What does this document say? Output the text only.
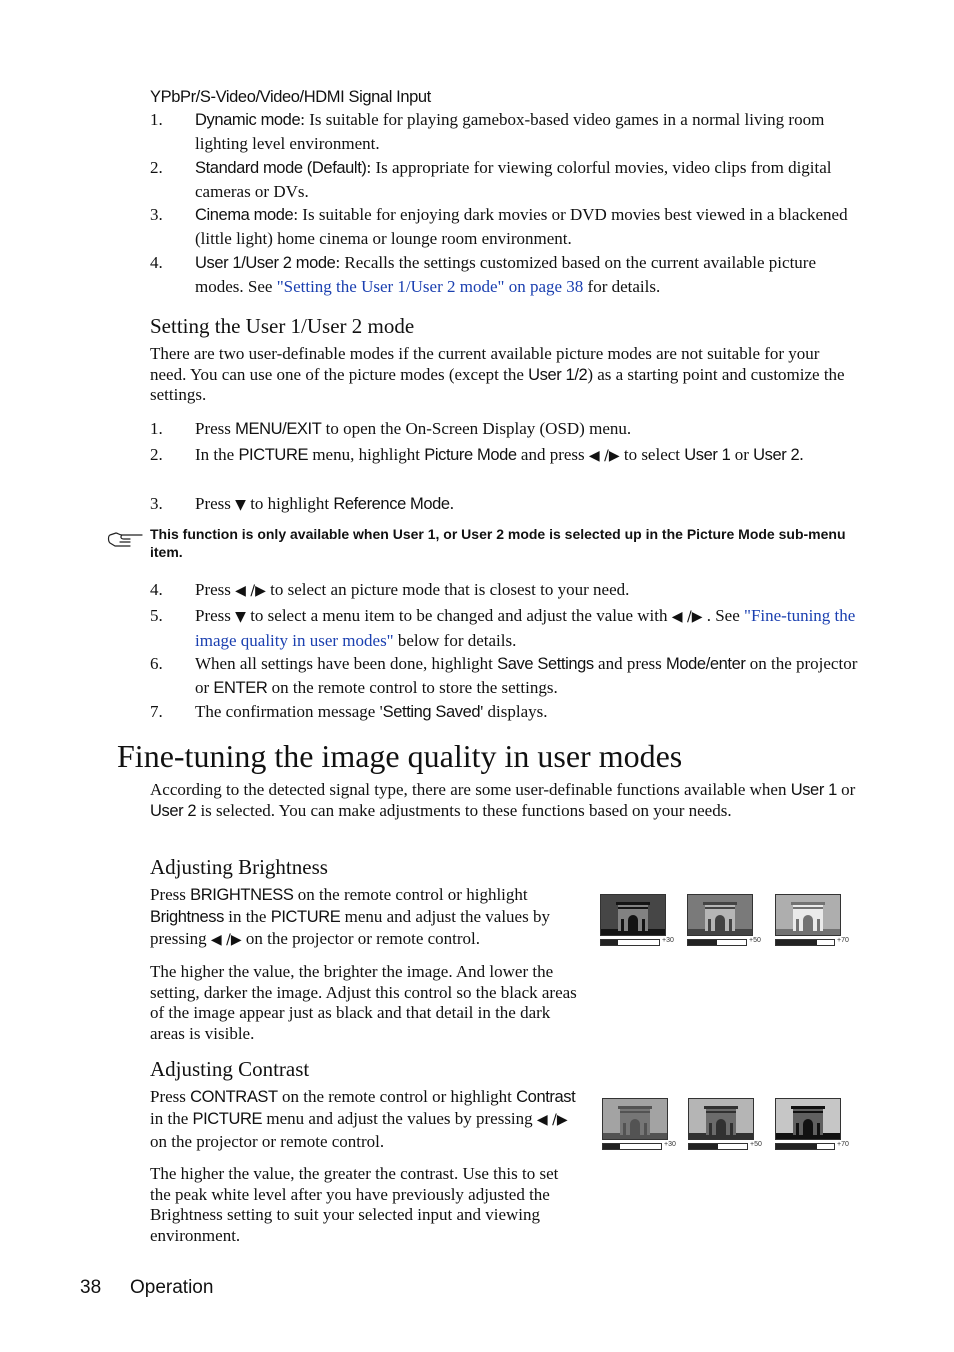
YPbPr/S-Video/Video/HDMI Signal Input
1. Dynamic mode: Is suitable for playing gamebox-based video games in a normal living room lighting level environment.
2. Standard mode (Default): Is appropriate for viewing colorful movies, video clips from digital cameras or DVs.
3. Cinema mode: Is suitable for enjoying dark movies or DVD movies best viewed in a blackened (little light) home cinema or lounge room environment.
4. User 1/User 2 mode: Recalls the settings customized based on the current available picture modes. See "Setting the User 1/User 2 mode" on page 38 for details.
Setting the User 1/User 2 mode
There are two user-definable modes if the current available picture modes are not suitable for your need. You can use one of the picture modes (except the User 1/2) as a starting point and customize the settings.
1. Press MENU/EXIT to open the On-Screen Display (OSD) menu.
2. In the PICTURE menu, highlight Picture Mode and press ◀ /▶ to select User 1 or User 2.
3. Press ▼ to highlight Reference Mode.
This function is only available when User 1, or User 2 mode is selected up in the Picture Mode sub-menu item.
4. Press ◀ /▶ to select an picture mode that is closest to your need.
5. Press ▼ to select a menu item to be changed and adjust the value with ◀ /▶ . See "Fine-tuning the image quality in user modes" below for details.
6. When all settings have been done, highlight Save Settings and press Mode/enter on the projector or ENTER on the remote control to store the settings.
7. The confirmation message 'Setting Saved' displays.
Fine-tuning the image quality in user modes
According to the detected signal type, there are some user-definable functions available when User 1 or User 2 is selected. You can make adjustments to these functions based on your needs.
Adjusting Brightness
Press BRIGHTNESS on the remote control or highlight Brightness in the PICTURE menu and adjust the values by pressing ◀ /▶ on the projector or remote control.
The higher the value, the brighter the image. And lower the setting, darker the image. Adjust this control so the black areas of the image appear just as black and that detail in the dark areas is visible.
+30	+50	+70
Adjusting Contrast
Press CONTRAST on the remote control or highlight Contrast in the PICTURE menu and adjust the values by pressing ◀ /▶ on the projector or remote control.
The higher the value, the greater the contrast. Use this to set the peak white level after you have previously adjusted the Brightness setting to suit your selected input and viewing environment.
+30	+50	+70
38 Operation
